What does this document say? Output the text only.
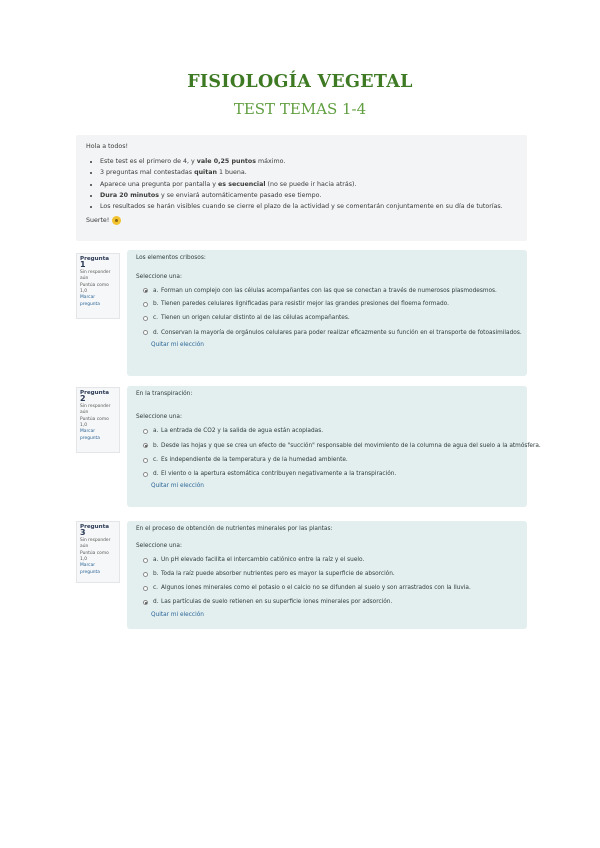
FISIOLOGÍA VEGETAL
TEST TEMAS 1-4

Hola a todos!

• Este test es el primero de 4, y vale 0,25 puntos máximo.
• 3 preguntas mal contestadas quitan 1 buena.
• Aparece una pregunta por pantalla y es secuencial (no se puede ir hacia atrás).
• Dura 20 minutos y se enviará automáticamente pasado ese tiempo.
• Los resultados se harán visibles cuando se cierre el plazo de la actividad y se comentarán conjuntamente en su día de tutorías.
Suerte!
Pregunta 1
Sin responder
aún
Puntúa como
1,0
Marcar
pregunta

Los elementos cribosos:

Seleccione una:

a. Forman un complejo con las células acompañantes con las que se conectan a través de numerosos plasmodesmos.
b. Tienen paredes celulares lignificadas para resistir mejor las grandes presiones del floema formado.
c. Tienen un origen celular distinto al de las células acompañantes.
d. Conservan la mayoría de orgánulos celulares para poder realizar eficazmente su función en el transporte de fotoasimilados.
Quitar mi elección
Pregunta 2
Sin responder
aún
Puntúa como
1,0
Marcar
pregunta

En la transpiración:

Seleccione una:

a. La entrada de CO2 y la salida de agua están acopladas.
b. Desde las hojas y que se crea un efecto de "succión" responsable del movimiento de la columna de agua del suelo a la atmósfera.
c. Es independiente de la temperatura y de la humedad ambiente.
d. El viento o la apertura estomática contribuyen negativamente a la transpiración.
Quitar mi elección
Pregunta 3
Sin responder
aún
Puntúa como
1,0
Marcar
pregunta

En el proceso de obtención de nutrientes minerales por las plantas:

Seleccione una:

a. Un pH elevado facilita el intercambio catiónico entre la raíz y el suelo.
b. Toda la raíz puede absorber nutrientes pero es mayor la superficie de absorción.
c. Algunos iones minerales como el potasio o el calcio no se difunden al suelo y son arrastrados con la lluvia.
d. Las partículas de suelo retienen en su superficie iones minerales por adsorción.
Quitar mi elección
